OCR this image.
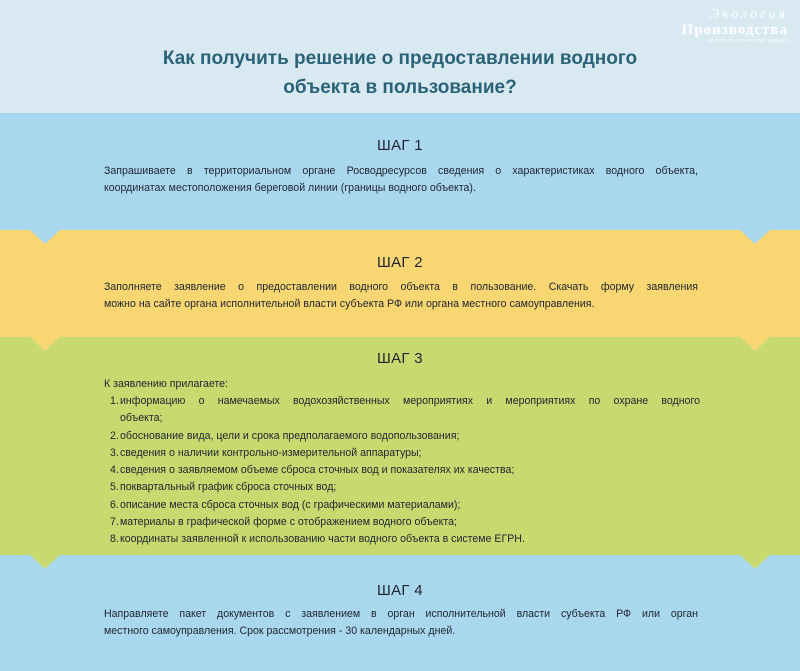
Экология
Производства
научно-практический журнал
Как получить решение о предоставлении водного
объекта в пользование?
ШАГ 1
Запрашиваете в территориальном органе Росводресурсов сведения о характеристиках водного объекта,
координатах местоположения береговой линии (границы водного объекта).
ШАГ 2
Заполняете заявление о предоставлении водного объекта в пользование. Скачать форму заявления
можно на сайте органа исполнительной власти субъекта РФ или органа местного самоуправления.
ШАГ 3
К заявлению прилагаете:
1. информацию о намечаемых водохозяйственных мероприятиях и мероприятиях по охране водного
объекта;
2. обоснование вида, цели и срока предполагаемого водопользования;
3. сведения о наличии контрольно-измерительной аппаратуры;
4. сведения о заявляемом объеме сброса сточных вод и показателях их качества;
5. поквартальный график сброса сточных вод;
6. описание места сброса сточных вод (с графическими материалами);
7. материалы в графической форме с отображением водного объекта;
8. координаты заявленной к использованию части водного объекта в системе ЕГРН.
ШАГ 4
Направляете пакет документов с заявлением в орган исполнительной власти субъекта РФ или орган
местного самоуправления. Срок рассмотрения - 30 календарных дней.
